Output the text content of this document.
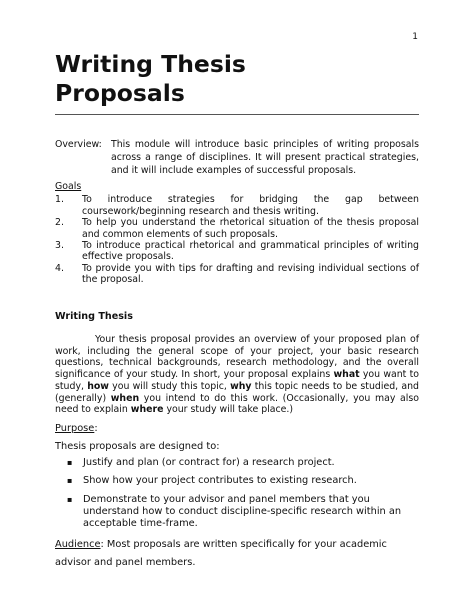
1
Writing Thesis
Proposals
Overview: This module will introduce basic principles of writing proposals across a range of disciplines. It will present practical strategies, and it will include examples of successful proposals.
Goals
1.	To introduce strategies for bridging the gap between coursework/beginning research and thesis writing.
2.	To help you understand the rhetorical situation of the thesis proposal and common elements of such proposals.
3.	To introduce practical rhetorical and grammatical principles of writing effective proposals.
4.	To provide you with tips for drafting and revising individual sections of the proposal.
Writing Thesis

Your thesis proposal provides an overview of your proposed plan of work, including the general scope of your project, your basic research questions, technical backgrounds, research methodology, and the overall significance of your study. In short, your proposal explains what you want to study, how you will study this topic, why this topic needs to be studied, and (generally) when you intend to do this work. (Occasionally, you may also need to explain where your study will take place.)

Purpose:
Thesis proposals are designed to:
▪	Justify and plan (or contract for) a research project.
▪	Show how your project contributes to existing research.
▪	Demonstrate to your advisor and panel members that you understand how to conduct discipline-specific research within an acceptable time-frame.

Audience: Most proposals are written specifically for your academic advisor and panel members.
